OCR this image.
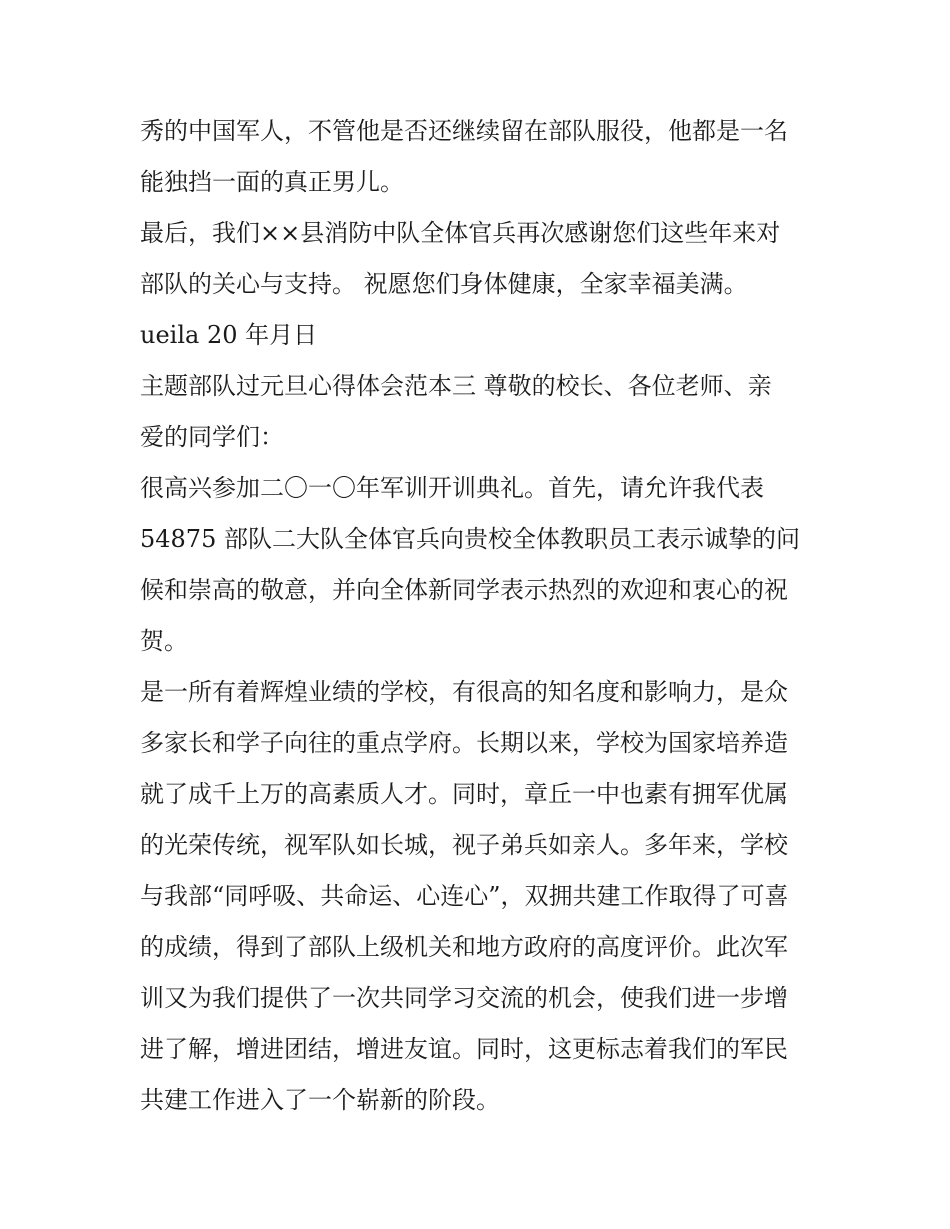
秀的中国军人，不管他是否还继续留在部队服役，他都是一名
能独挡一面的真正男儿。
最后，我们××县消防中队全体官兵再次感谢您们这些年来对
部队的关心与支持。 祝愿您们身体健康，全家幸福美满。
ueila 20 年月日
主题部队过元旦心得体会范本三 尊敬的校长、各位老师、亲
爱的同学们：
很高兴参加二〇一〇年军训开训典礼。首先，请允许我代表
54875 部队二大队全体官兵向贵校全体教职员工表示诚挚的问
候和崇高的敬意，并向全体新同学表示热烈的欢迎和衷心的祝
贺。
是一所有着辉煌业绩的学校，有很高的知名度和影响力，是众
多家长和学子向往的重点学府。长期以来，学校为国家培养造
就了成千上万的高素质人才。同时，章丘一中也素有拥军优属
的光荣传统，视军队如长城，视子弟兵如亲人。多年来，学校
与我部“同呼吸、共命运、心连心”，双拥共建工作取得了可喜
的成绩，得到了部队上级机关和地方政府的高度评价。此次军
训又为我们提供了一次共同学习交流的机会，使我们进一步增
进了解，增进团结，增进友谊。同时，这更标志着我们的军民
共建工作进入了一个崭新的阶段。
